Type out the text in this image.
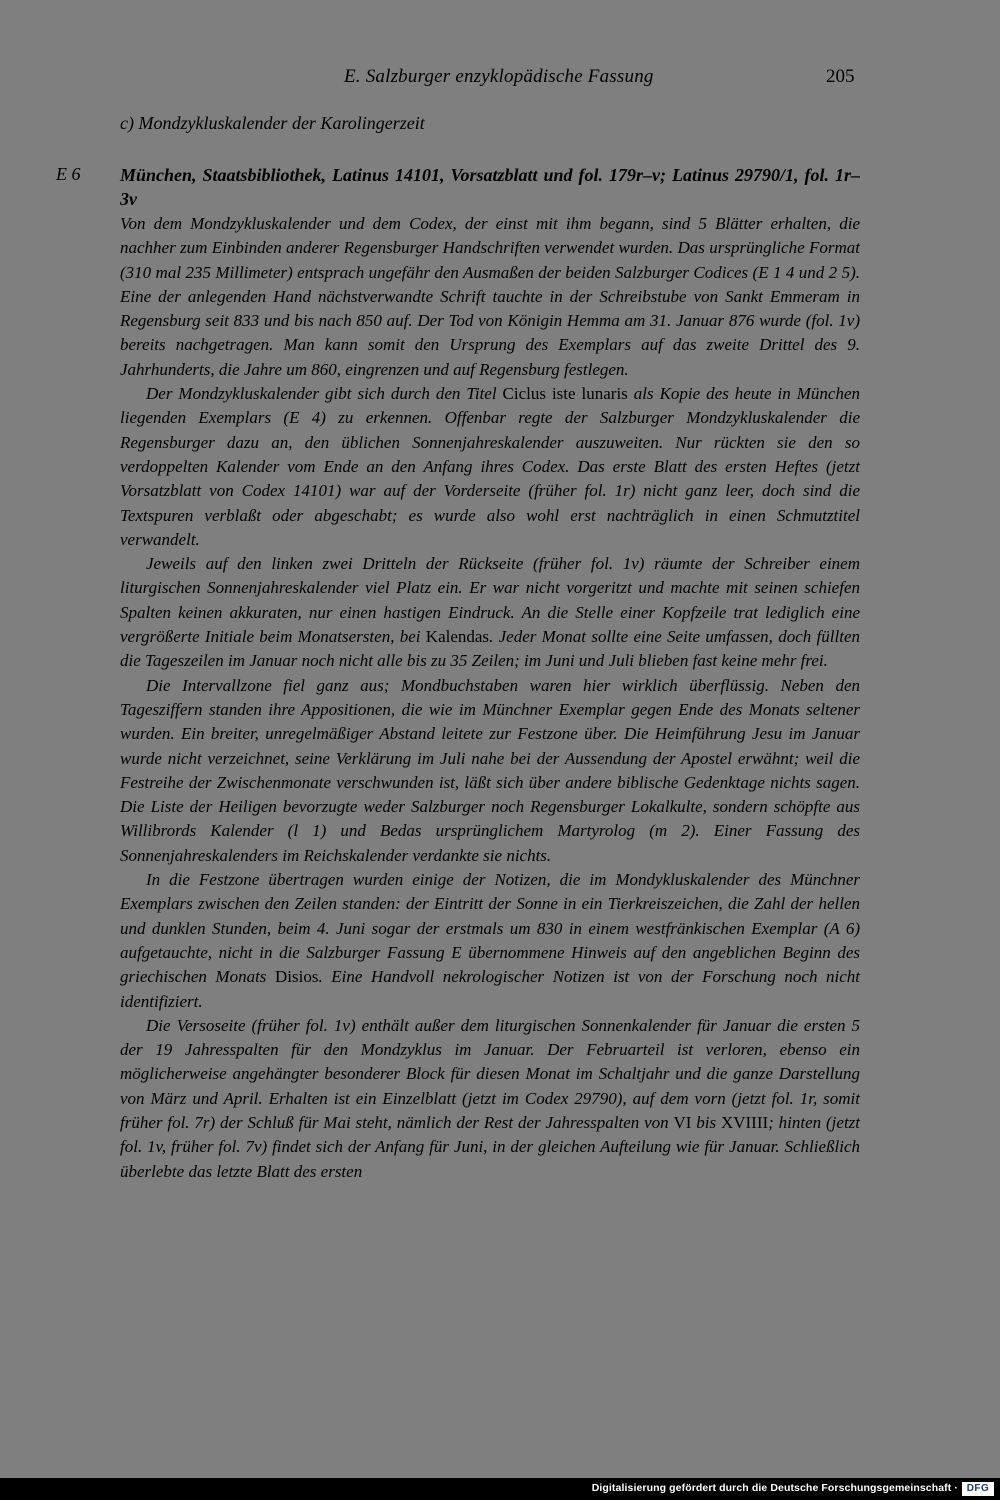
E. Salzburger enzyklopädische Fassung	205
c) Mondzykluskalender der Karolingerzeit
E 6 München, Staatsbibliothek, Latinus 14101, Vorsatzblatt und fol. 179r–v; Latinus 29790/1, fol. 1r–3v

Von dem Mondzykluskalender und dem Codex, der einst mit ihm begann, sind 5 Blätter erhalten, die nachher zum Einbinden anderer Regensburger Handschriften verwendet wurden. Das ursprüngliche Format (310 mal 235 Millimeter) entsprach ungefähr den Ausmaßen der beiden Salzburger Codices (E 1 4 und 2 5). Eine der anlegenden Hand nächstverwandte Schrift tauchte in der Schreibstube von Sankt Emmeram in Regensburg seit 833 und bis nach 850 auf. Der Tod von Königin Hemma am 31. Januar 876 wurde (fol. 1v) bereits nachgetragen. Man kann somit den Ursprung des Exemplars auf das zweite Drittel des 9. Jahrhunderts, die Jahre um 860, eingrenzen und auf Regensburg festlegen.

Der Mondzykluskalender gibt sich durch den Titel Ciclus iste lunaris als Kopie des heute in München liegenden Exemplars (E 4) zu erkennen. Offenbar regte der Salzburger Mondzykluskalender die Regensburger dazu an, den üblichen Sonnenjahreskalender auszuweiten. Nur rückten sie den so verdoppelten Kalender vom Ende an den Anfang ihres Codex. Das erste Blatt des ersten Heftes (jetzt Vorsatzblatt von Codex 14101) war auf der Vorderseite (früher fol. 1r) nicht ganz leer, doch sind die Textspuren verblaßt oder abgeschabt; es wurde also wohl erst nachträglich in einen Schmutztitel verwandelt.

Jeweils auf den linken zwei Dritteln der Rückseite (früher fol. 1v) räumte der Schreiber einem liturgischen Sonnenjahreskalender viel Platz ein. Er war nicht vorgeritzt und machte mit seinen schiefen Spalten keinen akkuraten, nur einen hastigen Eindruck. An die Stelle einer Kopfzeile trat lediglich eine vergrößerte Initiale beim Monatsersten, bei Kalendas. Jeder Monat sollte eine Seite umfassen, doch füllten die Tageszeilen im Januar noch nicht alle bis zu 35 Zeilen; im Juni und Juli blieben fast keine mehr frei.

Die Intervallzone fiel ganz aus; Mondbuchstaben waren hier wirklich überflüssig. Neben den Tagesziffern standen ihre Appositionen, die wie im Münchner Exemplar gegen Ende des Monats seltener wurden. Ein breiter, unregelmäßiger Abstand leitete zur Festzone über. Die Heimführung Jesu im Januar wurde nicht verzeichnet, seine Verklärung im Juli nahe bei der Aussendung der Apostel erwähnt; weil die Festreihe der Zwischenmonate verschwunden ist, läßt sich über andere biblische Gedenktage nichts sagen. Die Liste der Heiligen bevorzugte weder Salzburger noch Regensburger Lokalkulte, sondern schöpfte aus Willibrords Kalender (l 1) und Bedas ursprünglichem Martyrolog (m 2). Einer Fassung des Sonnenjahreskalenders im Reichskalender verdankte sie nichts.

In die Festzone übertragen wurden einige der Notizen, die im Mondykluskalender des Münchner Exemplars zwischen den Zeilen standen: der Eintritt der Sonne in ein Tierkreiszeichen, die Zahl der hellen und dunklen Stunden, beim 4. Juni sogar der erstmals um 830 in einem westfränkischen Exemplar (A 6) aufgetauchte, nicht in die Salzburger Fassung E übernommene Hinweis auf den angeblichen Beginn des griechischen Monats Disios. Eine Handvoll nekrologischer Notizen ist von der Forschung noch nicht identifiziert.

Die Versoseite (früher fol. 1v) enthält außer dem liturgischen Sonnenkalender für Januar die ersten 5 der 19 Jahresspalten für den Mondzyklus im Januar. Der Februarteil ist verloren, ebenso ein möglicherweise angehängter besonderer Block für diesen Monat im Schaltjahr und die ganze Darstellung von März und April. Erhalten ist ein Einzelblatt (jetzt im Codex 29790), auf dem vorn (jetzt fol. 1r, somit früher fol. 7r) der Schluß für Mai steht, nämlich der Rest der Jahresspalten von VI bis XVIIII; hinten (jetzt fol. 1v, früher fol. 7v) findet sich der Anfang für Juni, in der gleichen Aufteilung wie für Januar. Schließlich überlebte das letzte Blatt des ersten

Digitalisierung gefördert durch die Deutsche Forschungsgemeinschaft · DFG
